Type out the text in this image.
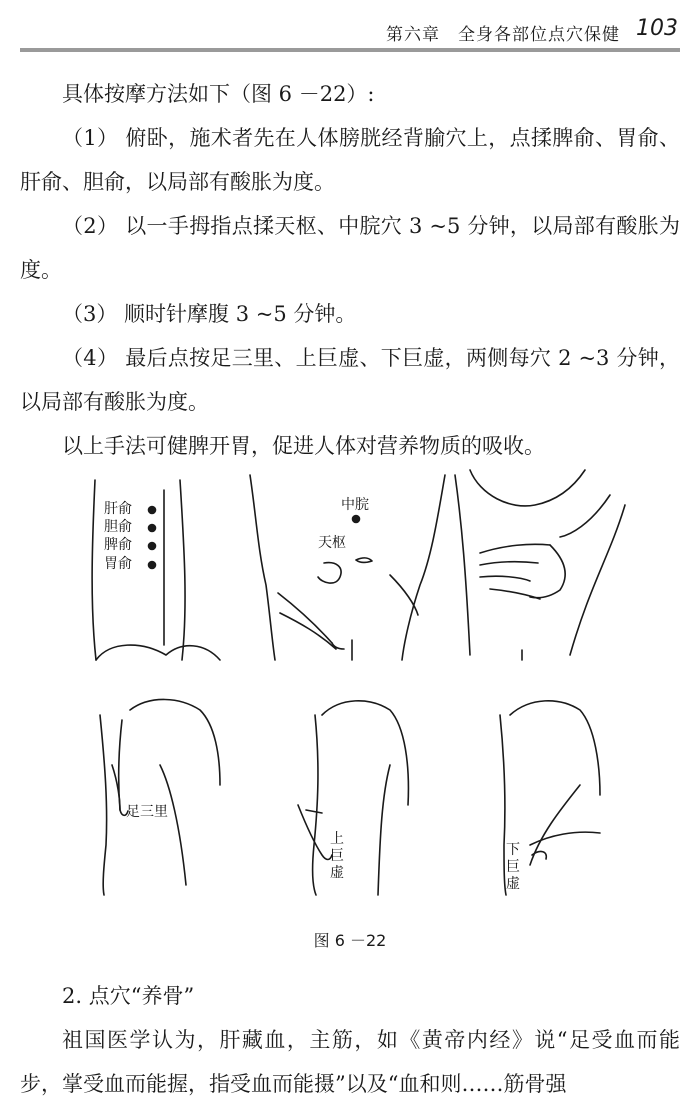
第六章　全身各部位点穴保健 103

具体按摩方法如下（图 6 －22）:

（1） 俯卧，施术者先在人体膀胱经背腧穴上，点揉脾俞、胃俞、肝俞、胆俞，以局部有酸胀为度。

（2） 以一手拇指点揉天枢、中脘穴 3 ~5 分钟，以局部有酸胀为度。

（3） 顺时针摩腹 3 ~5 分钟。

（4） 最后点按足三里、上巨虚、下巨虚，两侧每穴 2 ~3 分钟，以局部有酸胀为度。

以上手法可健脾开胃，促进人体对营养物质的吸收。

肝俞
胆俞
脾俞
胃俞
中脘
天枢
足三里
上
巨
虚
下
巨
虚
图 6 －22

2. 点穴“养骨”

祖国医学认为，肝藏血，主筋，如《黄帝内经》说“足受血而能步，掌受血而能握，指受血而能摄”以及“血和则……筋骨强
